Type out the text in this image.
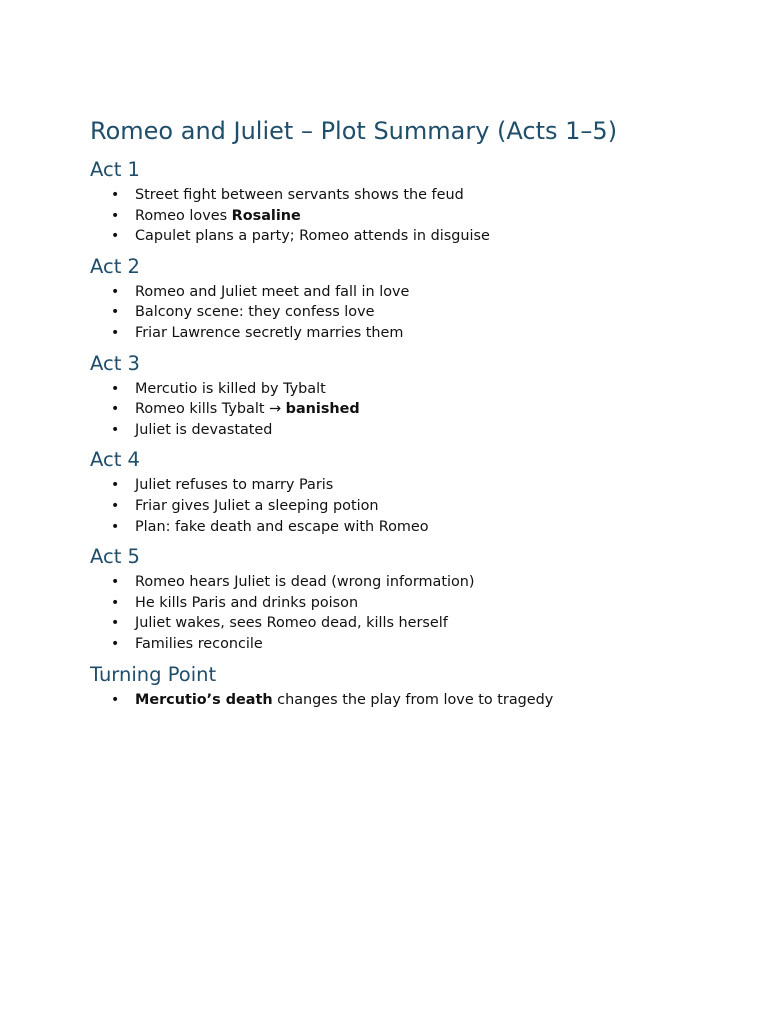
Romeo and Juliet – Plot Summary (Acts 1–5)
Act 1
• Street fight between servants shows the feud
• Romeo loves Rosaline
• Capulet plans a party; Romeo attends in disguise
Act 2
• Romeo and Juliet meet and fall in love
• Balcony scene: they confess love
• Friar Lawrence secretly marries them
Act 3
• Mercutio is killed by Tybalt
• Romeo kills Tybalt → banished
• Juliet is devastated
Act 4
• Juliet refuses to marry Paris
• Friar gives Juliet a sleeping potion
• Plan: fake death and escape with Romeo
Act 5
• Romeo hears Juliet is dead (wrong information)
• He kills Paris and drinks poison
• Juliet wakes, sees Romeo dead, kills herself
• Families reconcile
Turning Point
• Mercutio’s death changes the play from love to tragedy
